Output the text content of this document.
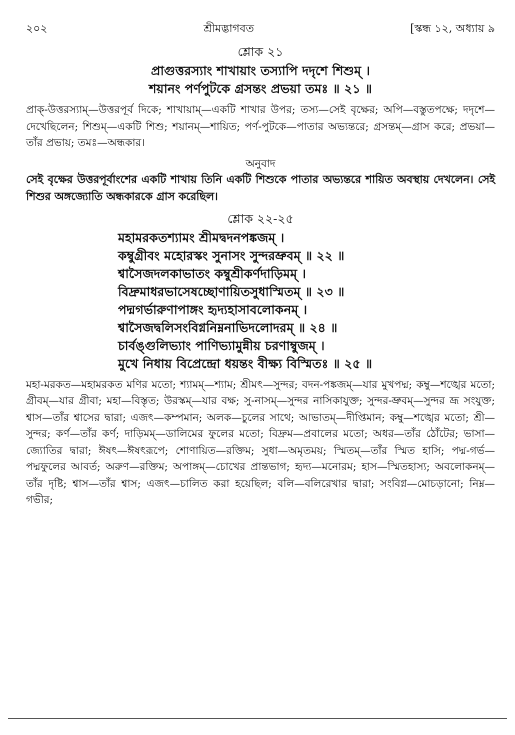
২০২	শ্রীমদ্ভাগবত	[স্কন্ধ ১২, অধ্যায় ৯
শ্লোক ২১
প্রাগুত্তরস্যাং শাখায়াং তস্যাপি দদৃশে শিশুম্ ।
শয়ানং পর্ণপুটকে গ্রসন্তং প্রভয়া তমঃ ॥ ২১ ॥
প্রাক্-উত্তরস্যাম্—উত্তরপূর্ব দিকে; শাখায়াম্—একটি শাখার উপর; তস্য—সেই বৃক্ষের; অপি—বস্তুতপক্ষে; দদৃশে—দেখেছিলেন; শিশুম্—একটি শিশু; শয়ানম্—শায়িত; পর্ণ-পুটকে—পাতার অভ্যন্তরে; গ্রসন্তম্—গ্রাস করে; প্রভয়া—তাঁর প্রভায়; তমঃ—অন্ধকার।
অনুবাদ
সেই বৃক্ষের উত্তরপূর্বাংশের একটি শাখায় তিনি একটি শিশুকে পাতার অভ্যন্তরে শায়িত অবস্থায় দেখলেন। সেই শিশুর অঙ্গজ্যোতি অন্ধকারকে গ্রাস করেছিল।
শ্লোক ২২-২৫
মহামরকতশ্যামং শ্রীমদ্বদনপঙ্কজম্ ।
কম্বুগ্রীবং মহোরস্কং সুনাসং সুন্দরভ্রুবম্ ॥ ২২ ॥
শ্বাসৈজদলকাভাতং কম্বুশ্রীকর্ণদাড়িমম্ ।
বিদ্রুমাধরভাসেষচ্ছোণায়িতসুধাস্মিতম্ ॥ ২৩ ॥
পদ্মগর্ভারুণাপাঙ্গং হৃদ্যহাসাবলোকনম্ ।
শ্বাসৈজদ্বলিসংবিগ্ননিম্ননাভিদলোদরম্ ॥ ২৪ ॥
চার্বঙ্গুলিভ্যাং পাণিভ্যামুন্নীয় চরণাম্বুজম্ ।
মুখে নিধায় বিপ্রেন্দ্রো ধয়ন্তং বীক্ষ্য বিস্মিতঃ ॥ ২৫ ॥
মহা-মরকত—মহামরকত মণির মতো; শ্যামম্—শ্যাম; শ্রীমৎ—সুন্দর; বদন-পঙ্কজম্—যার মুখপদ্ম; কম্বু—শঙ্খের মতো; গ্রীবম্—যার গ্রীবা; মহা—বিস্তৃত; উরস্কম্—যার বক্ষ; সু-নাসম্—সুন্দর নাসিকাযুক্ত; সুন্দর-ভ্রুবম্—সুন্দর ভ্রূ সংযুক্ত; শ্বাস—তাঁর শ্বাসের দ্বারা; এজৎ—কম্পমান; অলক—চুলের সাথে; আভাতম্—দীপ্তিমান; কম্বু—শঙ্খের মতো; শ্রী—সুন্দর; কর্ণ—তাঁর কর্ণ; দাড়িমম্—ডালিমের ফুলের মতো; বিদ্রুম—প্রবালের মতো; অধর—তাঁর ঠোঁটের; ভাসা—জ্যোতির দ্বারা; ঈষৎ—ঈষৎরূপে; শোণায়িত—রক্তিম; সুধা—অমৃতময়; স্মিতম্—তাঁর স্মিত হাসি; পদ্ম-গর্ভ—পদ্মফুলের আবর্ত; অরুণ—রক্তিম; অপাঙ্গম্—চোখের প্রান্তভাগ; হৃদ্য—মনোরম; হাস—স্মিতহাস্য; অবলোকনম্—তাঁর দৃষ্টি; শ্বাস—তাঁর শ্বাস; এজৎ—চালিত করা হয়েছিল; বলি—বলিরেখার দ্বারা; সংবিগ্ন—মোচড়ানো; নিম্ন—গভীর;
